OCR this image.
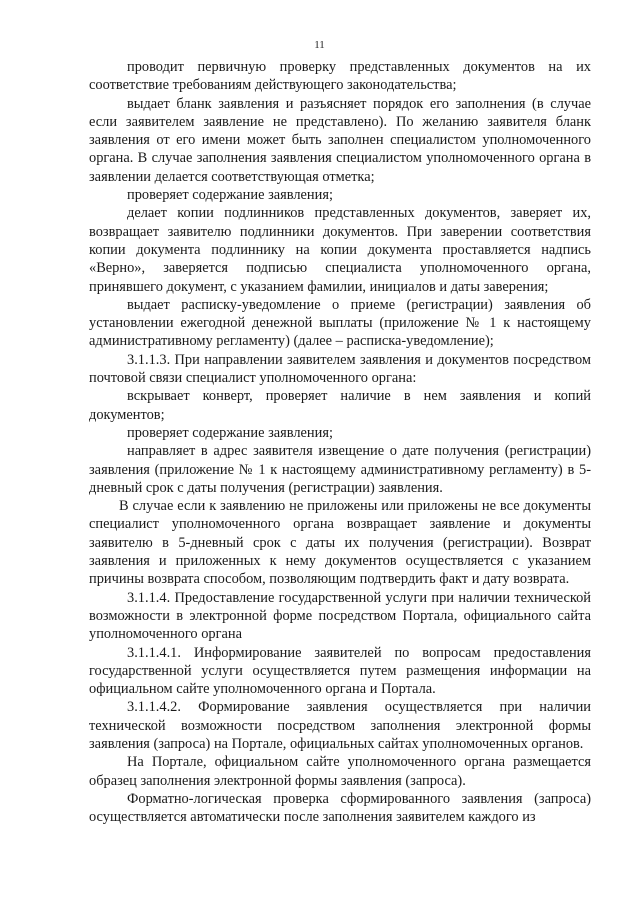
11

проводит первичную проверку представленных документов на их соответствие требованиям действующего законодательства;

выдает бланк заявления и разъясняет порядок его заполнения (в случае если заявителем заявление не представлено). По желанию заявителя бланк заявления от его имени может быть заполнен специалистом уполномоченного органа. В случае заполнения заявления специалистом уполномоченного органа в заявлении делается соответствующая отметка;

проверяет содержание заявления;

делает копии подлинников представленных документов, заверяет их, возвращает заявителю подлинники документов. При заверении соответствия копии документа подлиннику на копии документа проставляется надпись «Верно», заверяется подписью специалиста уполномоченного органа, принявшего документ, с указанием фамилии, инициалов и даты заверения;

выдает расписку-уведомление о приеме (регистрации) заявления об установлении ежегодной денежной выплаты (приложение № 1 к настоящему административному регламенту) (далее – расписка-уведомление);

3.1.1.3. При направлении заявителем заявления и документов посредством почтовой связи специалист уполномоченного органа:

вскрывает конверт, проверяет наличие в нем заявления и копий документов;

проверяет содержание заявления;

направляет в адрес заявителя извещение о дате получения (регистрации) заявления (приложение № 1 к настоящему административному регламенту) в 5-дневный срок с даты получения (регистрации) заявления.

В случае если к заявлению не приложены или приложены не все документы специалист уполномоченного органа возвращает заявление и документы заявителю в 5-дневный срок с даты их получения (регистрации). Возврат заявления и приложенных к нему документов осуществляется с указанием причины возврата способом, позволяющим подтвердить факт и дату возврата.

3.1.1.4. Предоставление государственной услуги при наличии технической возможности в электронной форме посредством Портала, официального сайта уполномоченного органа

3.1.1.4.1. Информирование заявителей по вопросам предоставления государственной услуги осуществляется путем размещения информации на официальном сайте уполномоченного органа и Портала.

3.1.1.4.2. Формирование заявления осуществляется при наличии технической возможности посредством заполнения электронной формы заявления (запроса) на Портале, официальных сайтах уполномоченных органов.

На Портале, официальном сайте уполномоченного органа размещается образец заполнения электронной формы заявления (запроса).

Форматно-логическая проверка сформированного заявления (запроса) осуществляется автоматически после заполнения заявителем каждого из
